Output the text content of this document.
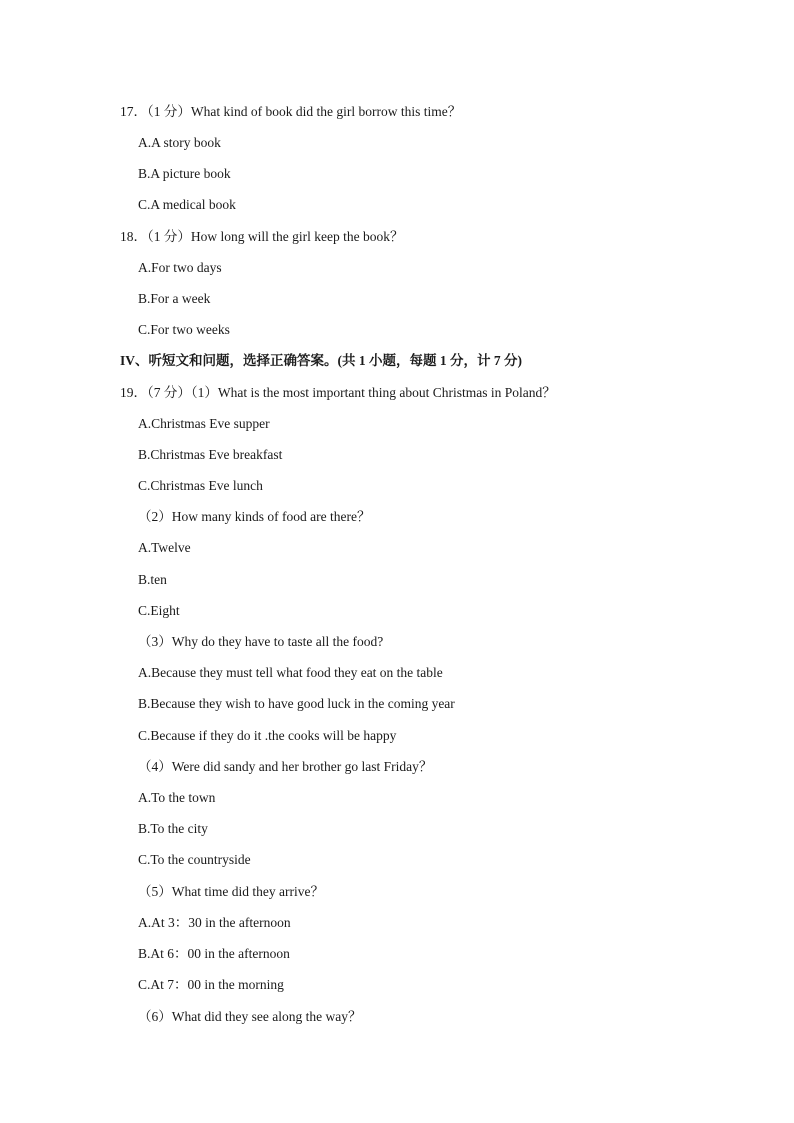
17．（1 分）What kind of book did the girl borrow this time？
A.A story book
B.A picture book
C.A medical book
18．（1 分）How long will the girl keep the book？
A.For two days
B.For a week
C.For two weeks
IV、听短文和问题，选择正确答案。(共 1 小题，每题 1 分，计 7 分)
19．（7 分）（1）What is the most important thing about Christmas in Poland？
A.Christmas Eve supper
B.Christmas Eve breakfast
C.Christmas Eve lunch
（2）How many kinds of food are there？
A.Twelve
B.ten
C.Eight
（3）Why do they have to taste all the food?
A.Because they must tell what food they eat on the table
B.Because they wish to have good luck in the coming year
C.Because if they do it .the cooks will be happy
（4）Were did sandy and her brother go last Friday？
A.To the town
B.To the city
C.To the countryside
（5）What time did they arrive？
A.At 3：30 in the afternoon
B.At 6：00 in the afternoon
C.At 7：00 in the morning
（6）What did they see along the way？
